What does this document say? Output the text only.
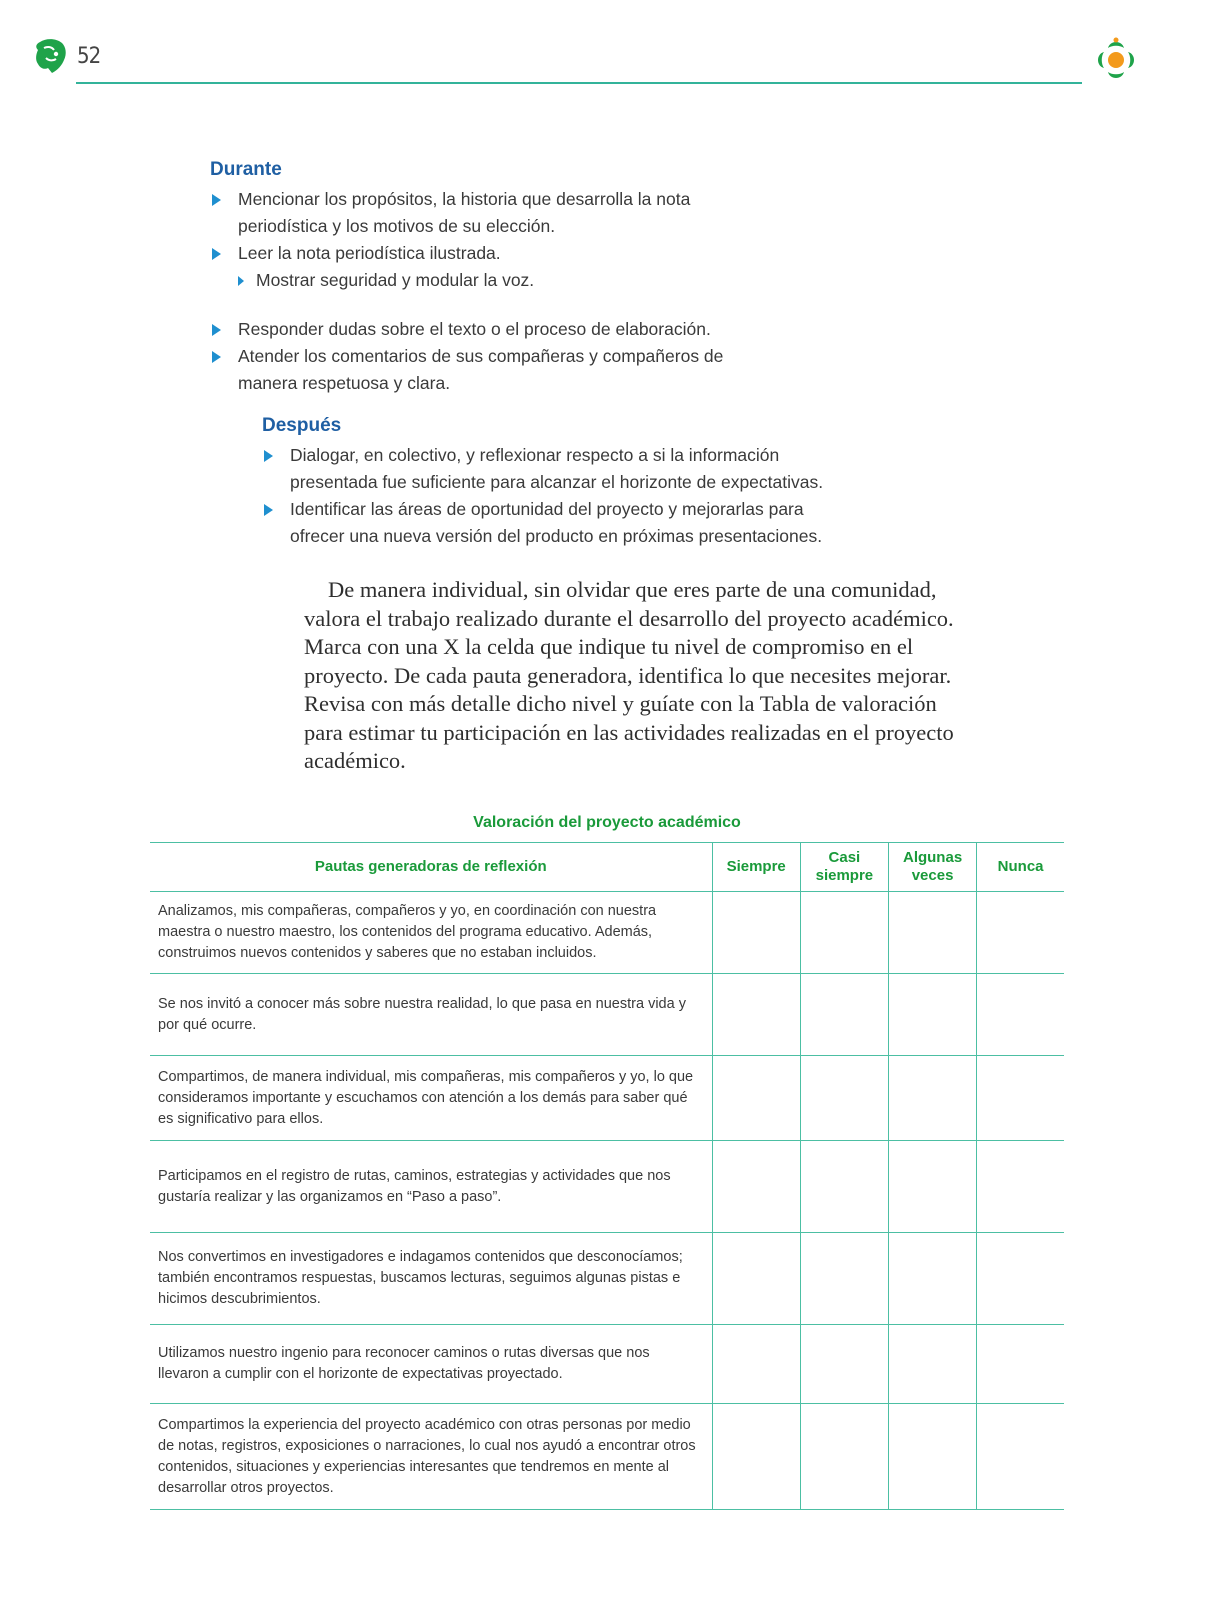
52
Durante
Mencionar los propósitos, la historia que desarrolla la nota periodística y los motivos de su elección.
Leer la nota periodística ilustrada.
Mostrar seguridad y modular la voz.
Responder dudas sobre el texto o el proceso de elaboración.
Atender los comentarios de sus compañeras y compañeros de manera respetuosa y clara.
Después
Dialogar, en colectivo, y reflexionar respecto a si la información presentada fue suficiente para alcanzar el horizonte de expectativas.
Identificar las áreas de oportunidad del proyecto y mejorarlas para ofrecer una nueva versión del producto en próximas presentaciones.

De manera individual, sin olvidar que eres parte de una comunidad, valora el trabajo realizado durante el desarrollo del proyecto académico. Marca con una X la celda que indique tu nivel de compromiso en el proyecto. De cada pauta generadora, identifica lo que necesites mejorar. Revisa con más detalle dicho nivel y guíate con la Tabla de valoración para estimar tu participación en las actividades realizadas en el proyecto académico.

Valoración del proyecto académico
Pautas generadoras de reflexión	Siempre	Casi siempre	Algunas veces	Nunca
Analizamos, mis compañeras, compañeros y yo, en coordinación con nuestra maestra o nuestro maestro, los contenidos del programa educativo. Además, construimos nuevos contenidos y saberes que no estaban incluidos.				
Se nos invitó a conocer más sobre nuestra realidad, lo que pasa en nuestra vida y por qué ocurre.				
Compartimos, de manera individual, mis compañeras, mis compañeros y yo, lo que consideramos importante y escuchamos con atención a los demás para saber qué es significativo para ellos.				
Participamos en el registro de rutas, caminos, estrategias y actividades que nos gustaría realizar y las organizamos en “Paso a paso”.				
Nos convertimos en investigadores e indagamos contenidos que desconocíamos; también encontramos respuestas, buscamos lecturas, seguimos algunas pistas e hicimos descubrimientos.				
Utilizamos nuestro ingenio para reconocer caminos o rutas diversas que nos llevaron a cumplir con el horizonte de expectativas proyectado.				
Compartimos la experiencia del proyecto académico con otras personas por medio de notas, registros, exposiciones o narraciones, lo cual nos ayudó a encontrar otros contenidos, situaciones y experiencias interesantes que tendremos en mente al desarrollar otros proyectos.				
